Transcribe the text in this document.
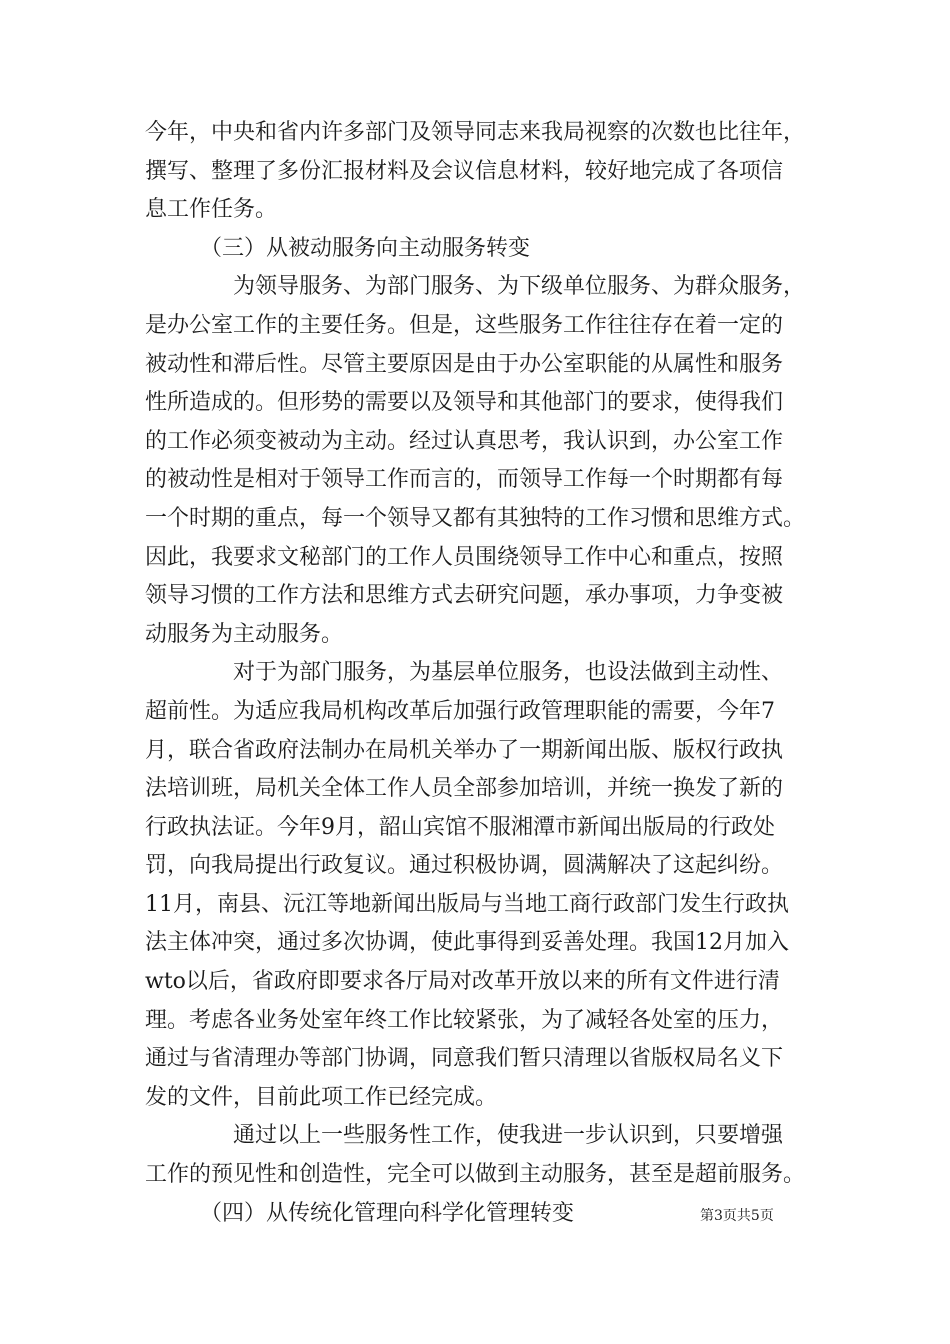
今年，中央和省内许多部门及领导同志来我局视察的次数也比往年，
撰写、整理了多份汇报材料及会议信息材料，较好地完成了各项信
息工作任务。
　　　（三）从被动服务向主动服务转变
　　　　为领导服务、为部门服务、为下级单位服务、为群众服务，
是办公室工作的主要任务。但是，这些服务工作往往存在着一定的
被动性和滞后性。尽管主要原因是由于办公室职能的从属性和服务
性所造成的。但形势的需要以及领导和其他部门的要求，使得我们
的工作必须变被动为主动。经过认真思考，我认识到，办公室工作
的被动性是相对于领导工作而言的，而领导工作每一个时期都有每
一个时期的重点，每一个领导又都有其独特的工作习惯和思维方式。
因此，我要求文秘部门的工作人员围绕领导工作中心和重点，按照
领导习惯的工作方法和思维方式去研究问题，承办事项，力争变被
动服务为主动服务。
　　　　对于为部门服务，为基层单位服务，也设法做到主动性、
超前性。为适应我局机构改革后加强行政管理职能的需要，今年7
月，联合省政府法制办在局机关举办了一期新闻出版、版权行政执
法培训班，局机关全体工作人员全部参加培训，并统一换发了新的
行政执法证。今年9月，韶山宾馆不服湘潭市新闻出版局的行政处
罚，向我局提出行政复议。通过积极协调，圆满解决了这起纠纷。
11月，南县、沅江等地新闻出版局与当地工商行政部门发生行政执
法主体冲突，通过多次协调，使此事得到妥善处理。我国12月加入
wto以后，省政府即要求各厅局对改革开放以来的所有文件进行清
理。考虑各业务处室年终工作比较紧张，为了减轻各处室的压力，
通过与省清理办等部门协调，同意我们暂只清理以省版权局名义下
发的文件，目前此项工作已经完成。
　　　　通过以上一些服务性工作，使我进一步认识到，只要增强
工作的预见性和创造性，完全可以做到主动服务，甚至是超前服务。
　　　（四）从传统化管理向科学化管理转变	第3页共5页
